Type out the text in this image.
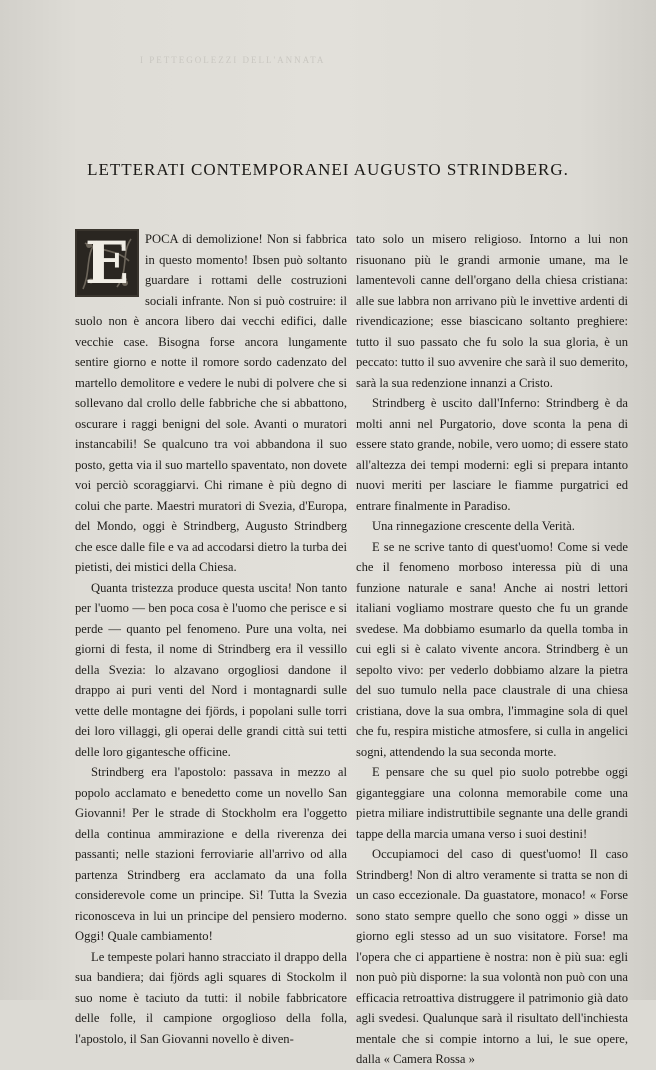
I PETTEGOLEZZI DELL'ANNATA
LETTERATI CONTEMPORANEI AUGUSTO STRINDBERG.
E	POCA di demolizione! Non si fabbrica in questo momento! Ibsen può soltanto guardare i rottami delle costruzioni sociali infrante. Non si può costruire: il suolo non è ancora libero dai vecchi edifici, dalle vecchie case. Bisogna forse ancora lungamente sentire giorno e notte il romore sordo cadenzato del martello demolitore e vedere le nubi di polvere che si sollevano dal crollo delle fabbriche che si abbattono, oscurare i raggi benigni del sole. Avanti o muratori instancabili! Se qualcuno tra voi abbandona il suo posto, getta via il suo martello spaventato, non dovete voi perciò scoraggiarvi. Chi rimane è più degno di colui che parte. Maestri muratori di Svezia, d'Europa, del Mondo, oggi è Strindberg, Augusto Strindberg che esce dalle file e va ad accodarsi dietro la turba dei pietisti, dei mistici della Chiesa.

Quanta tristezza produce questa uscita! Non tanto per l'uomo — ben poca cosa è l'uomo che perisce e si perde — quanto pel fenomeno. Pure una volta, nei giorni di festa, il nome di Strindberg era il vessillo della Svezia: lo alzavano orgogliosi dandone il drappo ai puri venti del Nord i montagnardi sulle vette delle montagne dei fjörds, i popolani sulle torri dei loro villaggi, gli operai delle grandi città sui tetti delle loro gigantesche officine.

Strindberg era l'apostolo: passava in mezzo al popolo acclamato e benedetto come un novello San Giovanni! Per le strade di Stockholm era l'oggetto della continua ammirazione e della riverenza dei passanti; nelle stazioni ferroviarie all'arrivo od alla partenza Strindberg era acclamato da una folla considerevole come un principe. Sì! Tutta la Svezia riconosceva in lui un principe del pensiero moderno. Oggi! Quale cambiamento!

Le tempeste polari hanno stracciato il drappo della sua bandiera; dai fjörds agli squares di Stockolm il suo nome è taciuto da tutti: il nobile fabbricatore delle folle, il campione orgoglioso della folla, l'apostolo, il San Giovanni novello è diven-

tato solo un misero religioso. Intorno a lui non risuonano più le grandi armonie umane, ma le lamentevoli canne dell'organo della chiesa cristiana: alle sue labbra non arrivano più le invettive ardenti di rivendicazione; esse biascicano soltanto preghiere: tutto il suo passato che fu solo la sua gloria, è un peccato: tutto il suo avvenire che sarà il suo demerito, sarà la sua redenzione innanzi a Cristo.

Strindberg è uscito dall'Inferno: Strindberg è da molti anni nel Purgatorio, dove sconta la pena di essere stato grande, nobile, vero uomo; di essere stato all'altezza dei tempi moderni: egli si prepara intanto nuovi meriti per lasciare le fiamme purgatrici ed entrare finalmente in Paradiso.

Una rinnegazione crescente della Verità.

E se ne scrive tanto di quest'uomo! Come si vede che il fenomeno morboso interessa più di una funzione naturale e sana! Anche ai nostri lettori italiani vogliamo mostrare questo che fu un grande svedese. Ma dobbiamo esumarlo da quella tomba in cui egli si è calato vivente ancora. Strindberg è un sepolto vivo: per vederlo dobbiamo alzare la pietra del suo tumulo nella pace claustrale di una chiesa cristiana, dove la sua ombra, l'immagine sola di quel che fu, respira mistiche atmosfere, si culla in angelici sogni, attendendo la sua seconda morte.

E pensare che su quel pio suolo potrebbe oggi giganteggiare una colonna memorabile come una pietra miliare indistruttibile segnante una delle grandi tappe della marcia umana verso i suoi destini!

Occupiamoci del caso di quest'uomo! Il caso Strindberg! Non di altro veramente si tratta se non di un caso eccezionale. Da guastatore, monaco! « Forse sono stato sempre quello che sono oggi » disse un giorno egli stesso ad un suo visitatore. Forse! ma l'opera che ci appartiene è nostra: non è più sua: egli non può più disporne: la sua volontà non può con una efficacia retroattiva distruggere il patrimonio già dato agli svedesi. Qualunque sarà il risultato dell'inchiesta mentale che si compie intorno a lui, le sue opere, dalla « Camera Rossa »
